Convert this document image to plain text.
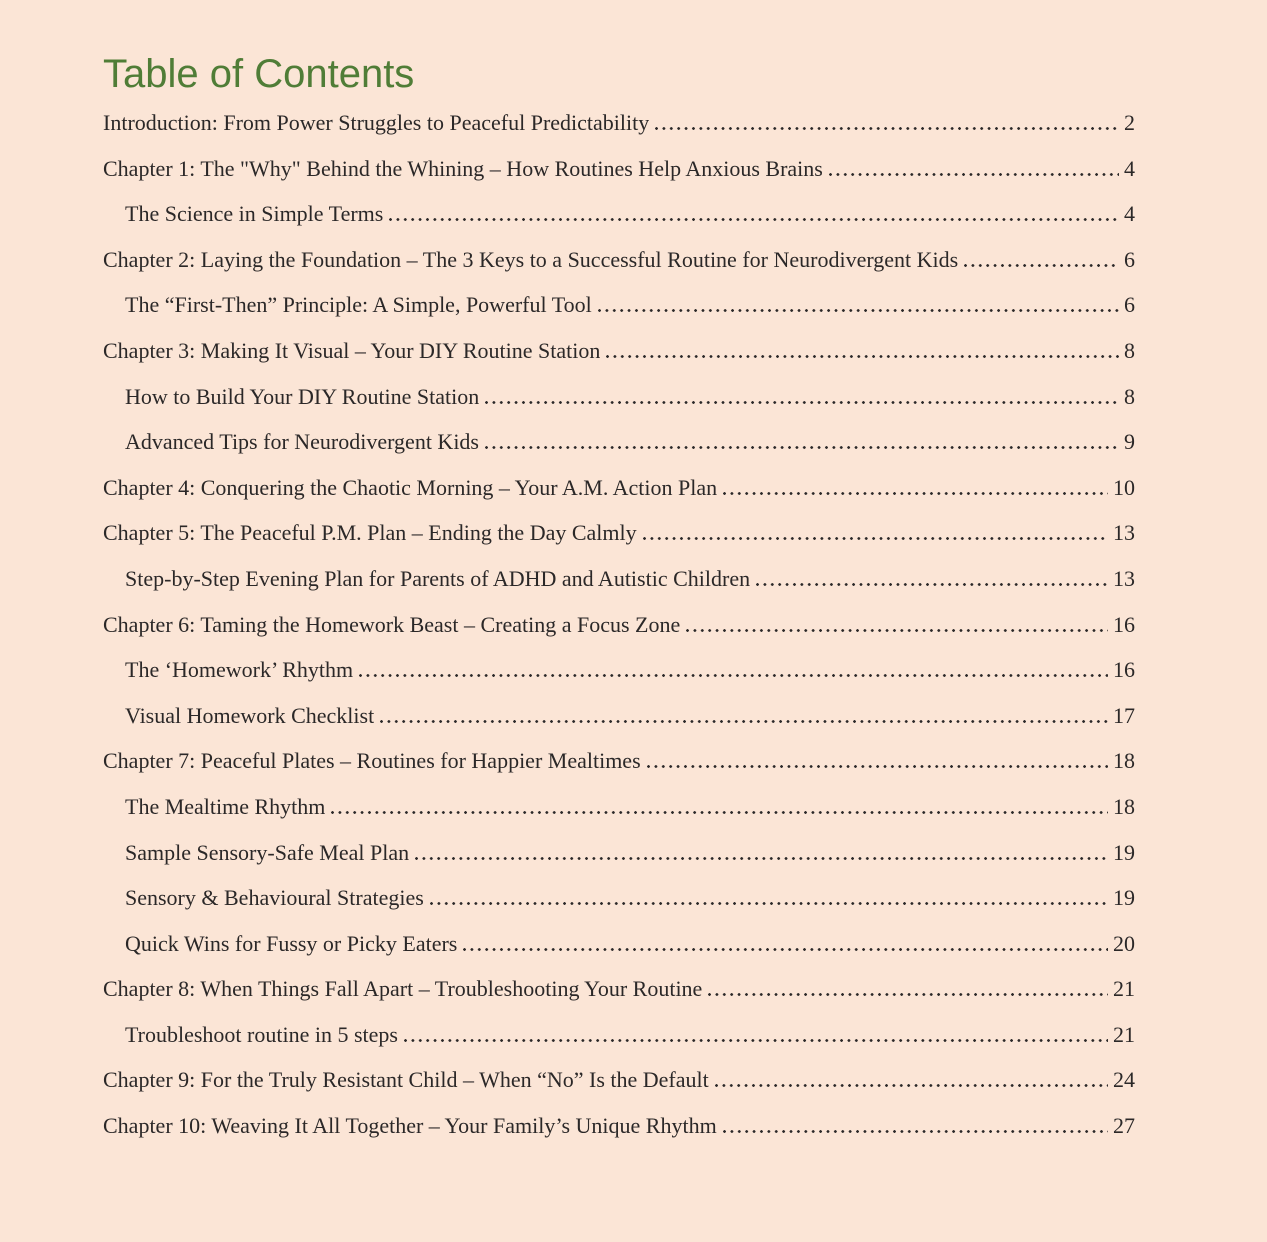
Table of Contents
Introduction: From Power Struggles to Peaceful Predictability	2
Chapter 1: The "Why" Behind the Whining – How Routines Help Anxious Brains	4
The Science in Simple Terms	4
Chapter 2: Laying the Foundation – The 3 Keys to a Successful Routine for Neurodivergent Kids	6
The “First-Then” Principle: A Simple, Powerful Tool	6
Chapter 3: Making It Visual – Your DIY Routine Station	8
How to Build Your DIY Routine Station	8
Advanced Tips for Neurodivergent Kids	9
Chapter 4: Conquering the Chaotic Morning – Your A.M. Action Plan	10
Chapter 5: The Peaceful P.M. Plan – Ending the Day Calmly	13
Step-by-Step Evening Plan for Parents of ADHD and Autistic Children	13
Chapter 6: Taming the Homework Beast – Creating a Focus Zone	16
The ‘Homework’ Rhythm	16
Visual Homework Checklist	17
Chapter 7: Peaceful Plates – Routines for Happier Mealtimes	18
The Mealtime Rhythm	18
Sample Sensory-Safe Meal Plan	19
Sensory & Behavioural Strategies	19
Quick Wins for Fussy or Picky Eaters	20
Chapter 8: When Things Fall Apart – Troubleshooting Your Routine	21
Troubleshoot routine in 5 steps	21
Chapter 9: For the Truly Resistant Child – When “No” Is the Default	24
Chapter 10: Weaving It All Together – Your Family’s Unique Rhythm	27
